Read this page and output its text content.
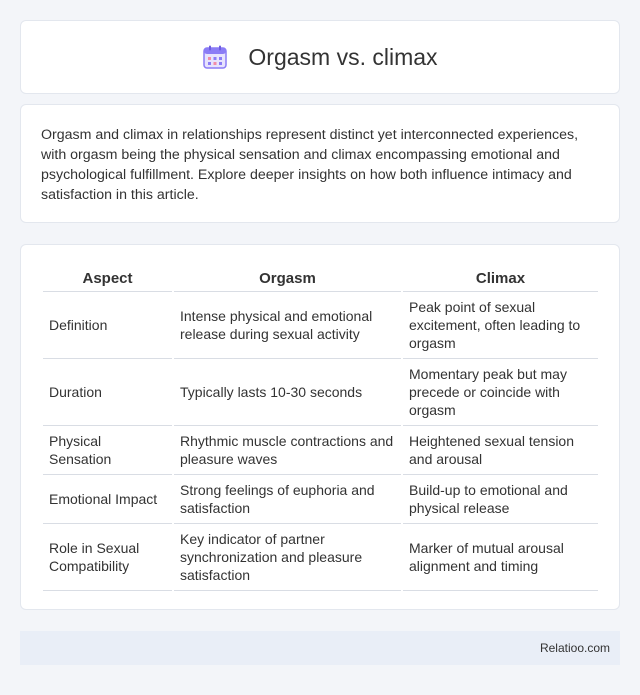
Orgasm vs. climax

Orgasm and climax in relationships represent distinct yet interconnected experiences, with orgasm being the physical sensation and climax encompassing emotional and psychological fulfillment. Explore deeper insights on how both influence intimacy and satisfaction in this article.

Aspect	Orgasm	Climax
Definition	Intense physical and emotional release during sexual activity	Peak point of sexual excitement, often leading to orgasm
Duration	Typically lasts 10-30 seconds	Momentary peak but may precede or coincide with orgasm
Physical Sensation	Rhythmic muscle contractions and pleasure waves	Heightened sexual tension and arousal
Emotional Impact	Strong feelings of euphoria and satisfaction	Build-up to emotional and physical release
Role in Sexual Compatibility	Key indicator of partner synchronization and pleasure satisfaction	Marker of mutual arousal alignment and timing
Relatioo.com
